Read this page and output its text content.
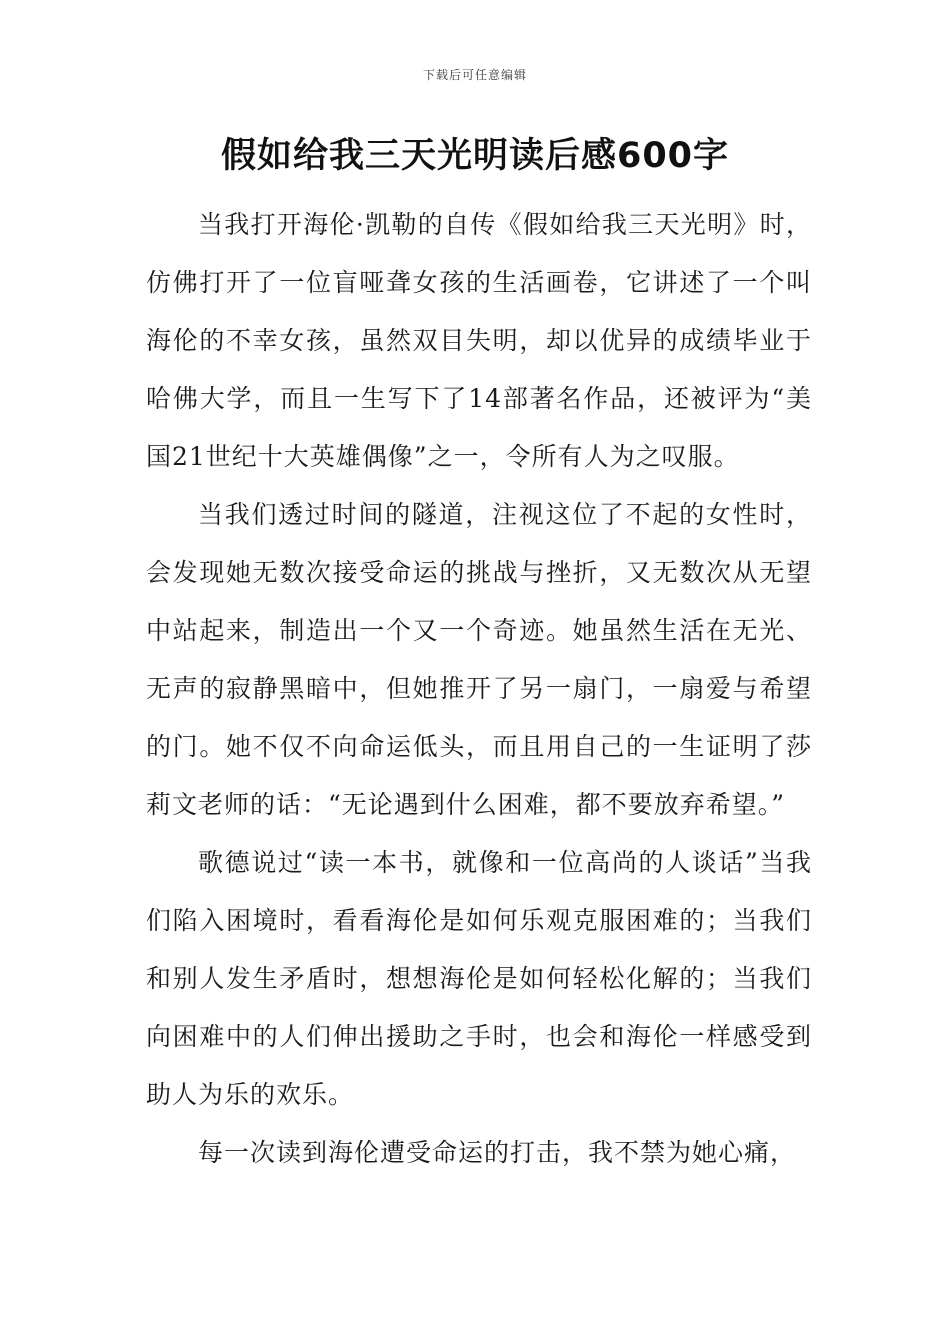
下载后可任意编辑
假如给我三天光明读后感600字

当我打开海伦·凯勒的自传《假如给我三天光明》时，仿佛打开了一位盲哑聋女孩的生活画卷，它讲述了一个叫海伦的不幸女孩，虽然双目失明，却以优异的成绩毕业于哈佛大学，而且一生写下了14部著名作品，还被评为“美国21世纪十大英雄偶像”之一，令所有人为之叹服。

当我们透过时间的隧道，注视这位了不起的女性时，会发现她无数次接受命运的挑战与挫折，又无数次从无望中站起来，制造出一个又一个奇迹。她虽然生活在无光、无声的寂静黑暗中，但她推开了另一扇门，一扇爱与希望的门。她不仅不向命运低头，而且用自己的一生证明了莎莉文老师的话：“无论遇到什么困难，都不要放弃希望。”

歌德说过“读一本书，就像和一位高尚的人谈话”当我们陷入困境时，看看海伦是如何乐观克服困难的；当我们和别人发生矛盾时，想想海伦是如何轻松化解的；当我们向困难中的人们伸出援助之手时，也会和海伦一样感受到助人为乐的欢乐。

每一次读到海伦遭受命运的打击，我不禁为她心痛，
